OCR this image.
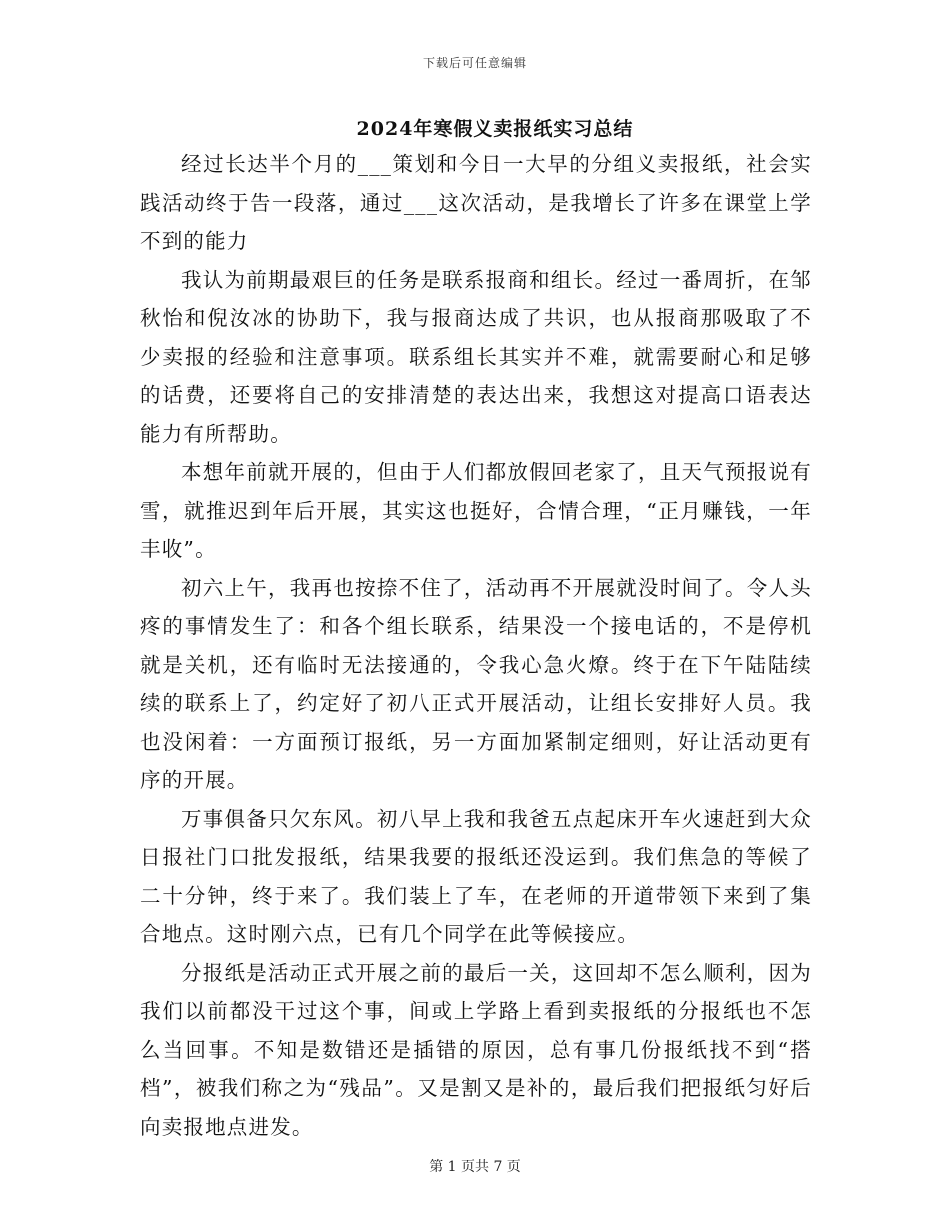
下载后可任意编辑
2024年寒假义卖报纸实习总结

经过长达半个月的___策划和今日一大早的分组义卖报纸，社会实践活动终于告一段落，通过___这次活动，是我增长了许多在课堂上学不到的能力

我认为前期最艰巨的任务是联系报商和组长。经过一番周折，在邹秋怡和倪汝冰的协助下，我与报商达成了共识，也从报商那吸取了不少卖报的经验和注意事项。联系组长其实并不难，就需要耐心和足够的话费，还要将自己的安排清楚的表达出来，我想这对提高口语表达能力有所帮助。

本想年前就开展的，但由于人们都放假回老家了，且天气预报说有雪，就推迟到年后开展，其实这也挺好，合情合理，“正月赚钱，一年丰收”。

初六上午，我再也按捺不住了，活动再不开展就没时间了。令人头疼的事情发生了：和各个组长联系，结果没一个接电话的，不是停机就是关机，还有临时无法接通的，令我心急火燎。终于在下午陆陆续续的联系上了，约定好了初八正式开展活动，让组长安排好人员。我也没闲着：一方面预订报纸，另一方面加紧制定细则，好让活动更有序的开展。

万事俱备只欠东风。初八早上我和我爸五点起床开车火速赶到大众日报社门口批发报纸，结果我要的报纸还没运到。我们焦急的等候了二十分钟，终于来了。我们装上了车，在老师的开道带领下来到了集合地点。这时刚六点，已有几个同学在此等候接应。

分报纸是活动正式开展之前的最后一关，这回却不怎么顺利，因为我们以前都没干过这个事，间或上学路上看到卖报纸的分报纸也不怎么当回事。不知是数错还是插错的原因，总有事几份报纸找不到“搭档”，被我们称之为“残品”。又是割又是补的，最后我们把报纸匀好后向卖报地点进发。

第 1 页共 7 页
